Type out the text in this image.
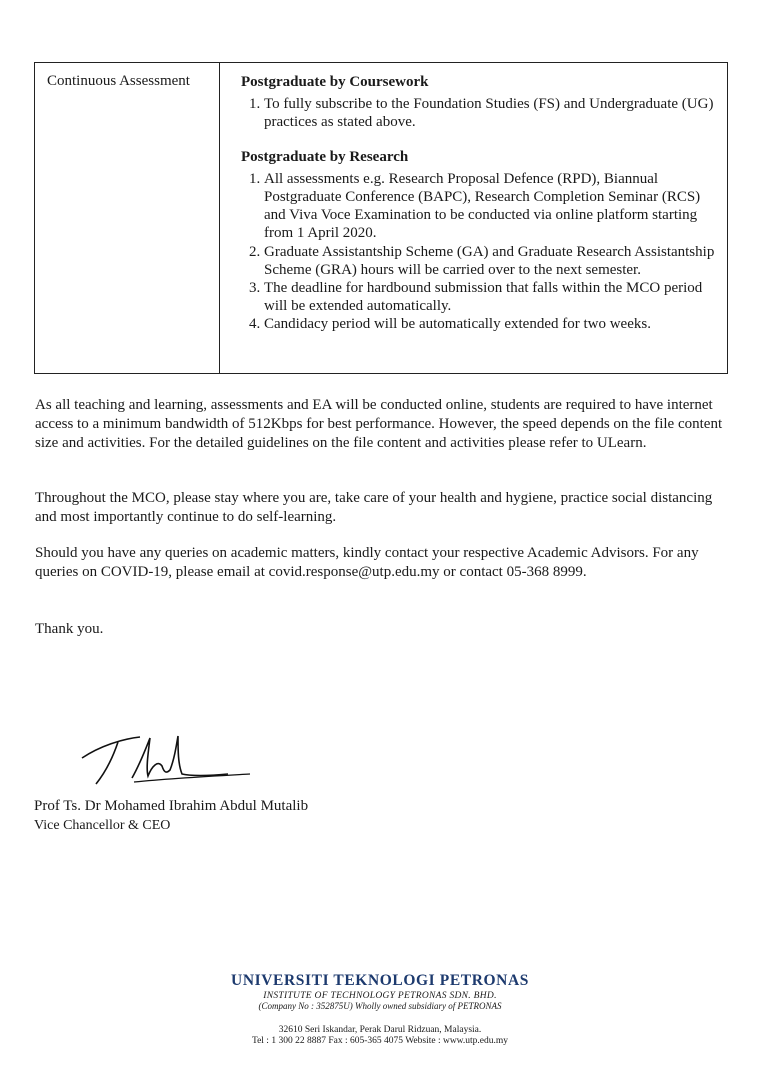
Continuous Assessment	Postgraduate by Coursework

1. To fully subscribe to the Foundation Studies (FS) and Undergraduate (UG) practices as stated above.

Postgraduate by Research

1. All assessments e.g. Research Proposal Defence (RPD), Biannual Postgraduate Conference (BAPC), Research Completion Seminar (RCS) and Viva Voce Examination to be conducted via online platform starting from 1 April 2020.
2. Graduate Assistantship Scheme (GA) and Graduate Research Assistantship Scheme (GRA) hours will be carried over to the next semester.
3. The deadline for hardbound submission that falls within the MCO period will be extended automatically.
4. Candidacy period will be automatically extended for two weeks.

As all teaching and learning, assessments and EA will be conducted online, students are required to have internet access to a minimum bandwidth of 512Kbps for best performance. However, the speed depends on the file content size and activities. For the detailed guidelines on the file content and activities please refer to ULearn.

Throughout the MCO, please stay where you are, take care of your health and hygiene, practice social distancing and most importantly continue to do self-learning.

Should you have any queries on academic matters, kindly contact your respective Academic Advisors. For any queries on COVID-19, please email at covid.response@utp.edu.my or contact 05-368 8999.

Thank you.

Prof Ts. Dr Mohamed Ibrahim Abdul Mutalib
Vice Chancellor & CEO

UNIVERSITI TEKNOLOGI PETRONAS

INSTITUTE OF TECHNOLOGY PETRONAS SDN. BHD.

(Company No : 352875U) Wholly owned subsidiary of PETRONAS

32610 Seri Iskandar, Perak Darul Ridzuan, Malaysia.

Tel : 1 300 22 8887 Fax : 605-365 4075 Website : www.utp.edu.my
